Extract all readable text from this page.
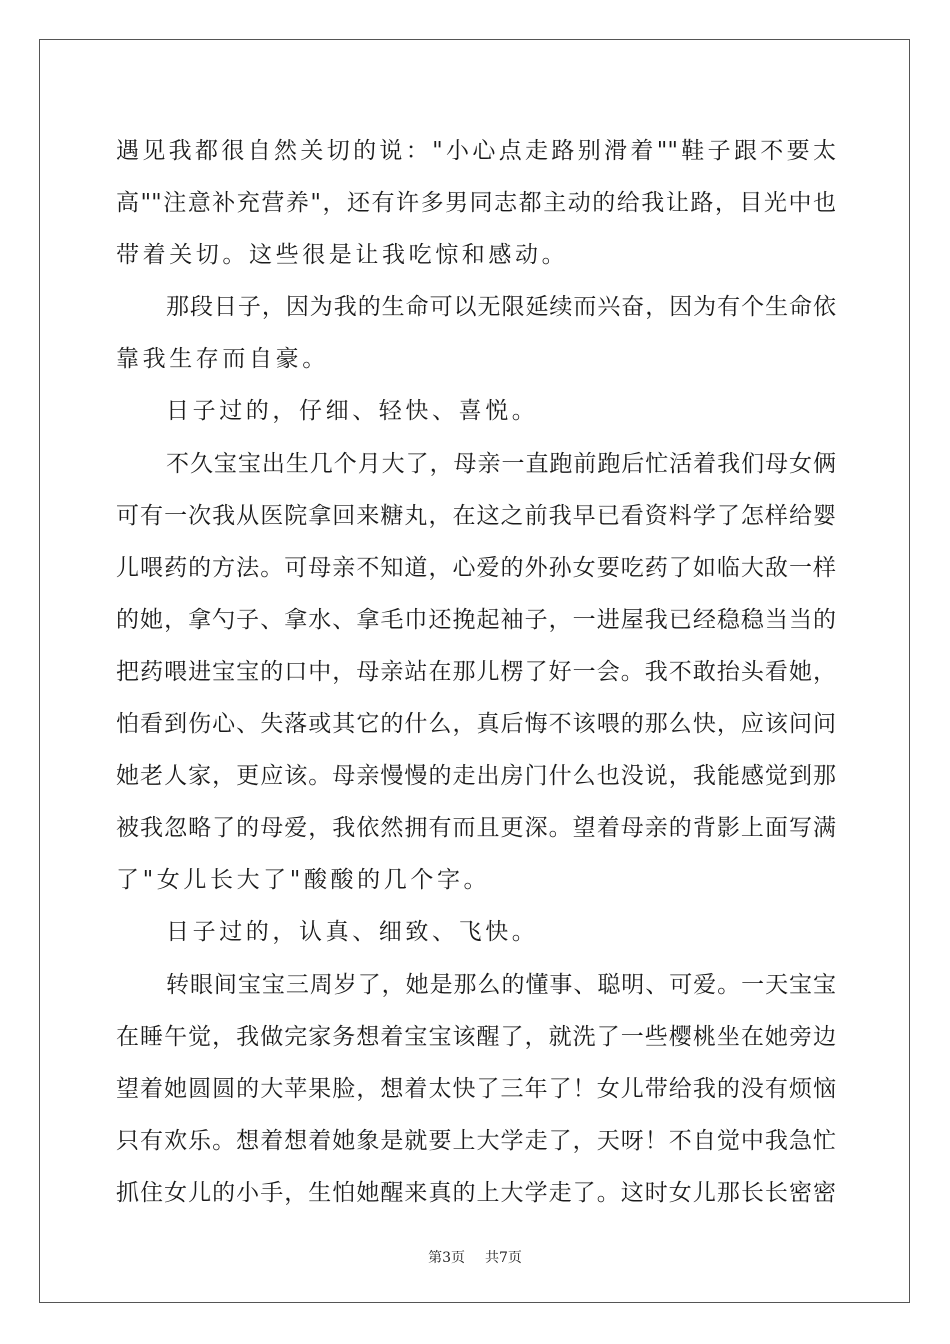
遇见我都很自然关切的说："小心点走路别滑着""鞋子跟不要太
高""注意补充营养"，还有许多男同志都主动的给我让路，目光中也
带着关切。这些很是让我吃惊和感动。
那段日子，因为我的生命可以无限延续而兴奋，因为有个生命依
靠我生存而自豪。
日子过的，仔细、轻快、喜悦。
不久宝宝出生几个月大了，母亲一直跑前跑后忙活着我们母女俩
可有一次我从医院拿回来糖丸，在这之前我早已看资料学了怎样给婴
儿喂药的方法。可母亲不知道，心爱的外孙女要吃药了如临大敌一样
的她，拿勺子、拿水、拿毛巾还挽起袖子，一进屋我已经稳稳当当的
把药喂进宝宝的口中，母亲站在那儿楞了好一会。我不敢抬头看她，
怕看到伤心、失落或其它的什么，真后悔不该喂的那么快，应该问问
她老人家，更应该。母亲慢慢的走出房门什么也没说，我能感觉到那
被我忽略了的母爱，我依然拥有而且更深。望着母亲的背影上面写满
了"女儿长大了"酸酸的几个字。
日子过的，认真、细致、飞快。
转眼间宝宝三周岁了，她是那么的懂事、聪明、可爱。一天宝宝
在睡午觉，我做完家务想着宝宝该醒了，就洗了一些樱桃坐在她旁边
望着她圆圆的大苹果脸，想着太快了三年了！女儿带给我的没有烦恼
只有欢乐。想着想着她象是就要上大学走了，天呀！不自觉中我急忙
抓住女儿的小手，生怕她醒来真的上大学走了。这时女儿那长长密密
第3页 共7页
